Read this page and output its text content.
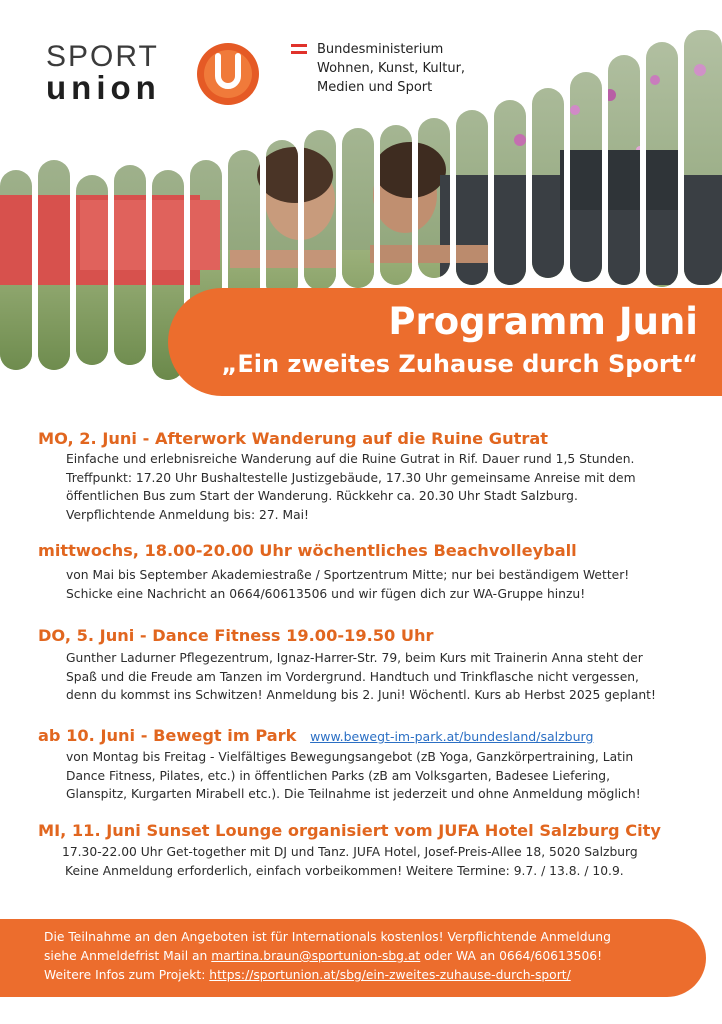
SPORT
union
Bundesministerium
Wohnen, Kunst, Kultur,
Medien und Sport
Programm Juni
„Ein zweites Zuhause durch Sport“
MO, 2. Juni - Afterwork Wanderung auf die Ruine Gutrat
Einfache und erlebnisreiche Wanderung auf die Ruine Gutrat in Rif. Dauer rund 1,5 Stunden.
Treffpunkt: 17.20 Uhr Bushaltestelle Justizgebäude, 17.30 Uhr gemeinsame Anreise mit dem
öffentlichen Bus zum Start der Wanderung. Rückkehr ca. 20.30 Uhr Stadt Salzburg.
Verpflichtende Anmeldung bis: 27. Mai!
mittwochs, 18.00-20.00 Uhr wöchentliches Beachvolleyball
von Mai bis September Akademiestraße / Sportzentrum Mitte; nur bei beständigem Wetter!
Schicke eine Nachricht an 0664/60613506 und wir fügen dich zur WA-Gruppe hinzu!
DO, 5. Juni - Dance Fitness 19.00-19.50 Uhr
Gunther Ladurner Pflegezentrum, Ignaz-Harrer-Str. 79, beim Kurs mit Trainerin Anna steht der
Spaß und die Freude am Tanzen im Vordergrund. Handtuch und Trinkflasche nicht vergessen,
denn du kommst ins Schwitzen! Anmeldung bis 2. Juni! Wöchentl. Kurs ab Herbst 2025 geplant!
ab 10. Juni - Bewegt im Park www.bewegt-im-park.at/bundesland/salzburg
von Montag bis Freitag - Vielfältiges Bewegungsangebot (zB Yoga, Ganzkörpertraining, Latin
Dance Fitness, Pilates, etc.) in öffentlichen Parks (zB am Volksgarten, Badesee Liefering,
Glanspitz, Kurgarten Mirabell etc.). Die Teilnahme ist jederzeit und ohne Anmeldung möglich!
MI, 11. Juni Sunset Lounge organisiert vom JUFA Hotel Salzburg City
17.30-22.00 Uhr Get-together mit DJ und Tanz. JUFA Hotel, Josef-Preis-Allee 18, 5020 Salzburg
Keine Anmeldung erforderlich, einfach vorbeikommen! Weitere Termine: 9.7. / 13.8. / 10.9.
Die Teilnahme an den Angeboten ist für Internationals kostenlos! Verpflichtende Anmeldung
siehe Anmeldefrist Mail an martina.braun@sportunion-sbg.at oder WA an 0664/60613506!
Weitere Infos zum Projekt: https://sportunion.at/sbg/ein-zweites-zuhause-durch-sport/
